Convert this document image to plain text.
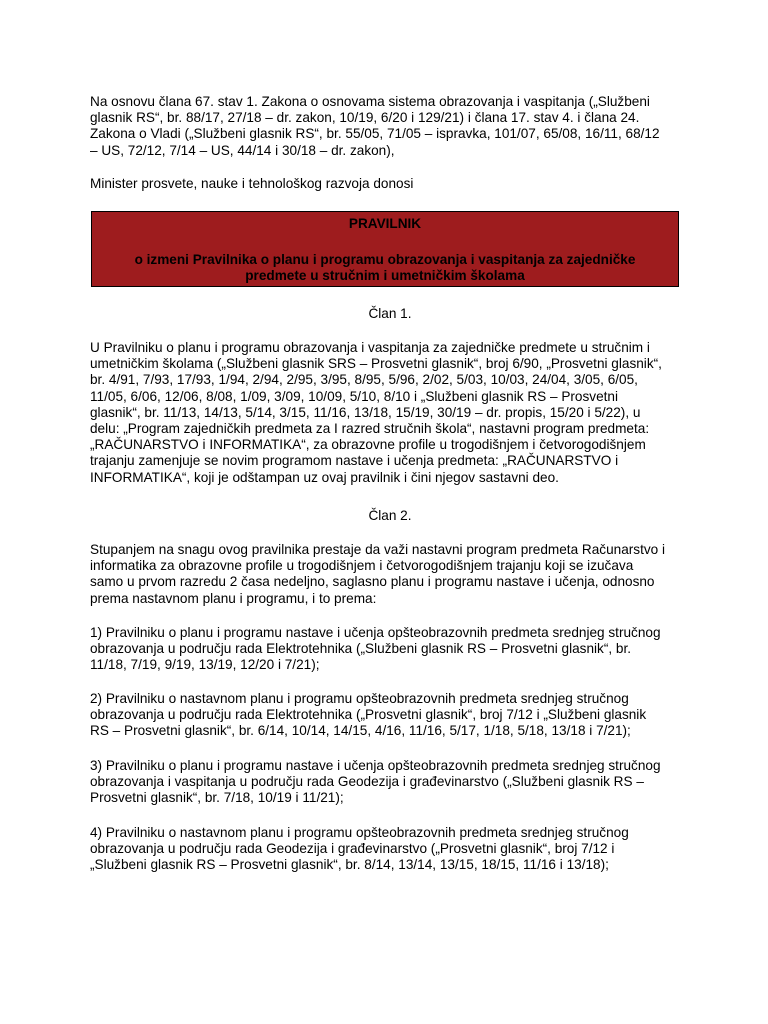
Na osnovu člana 67. stav 1. Zakona o osnovama sistema obrazovanja i vaspitanja („Službeni
glasnik RS“, br. 88/17, 27/18 – dr. zakon, 10/19, 6/20 i 129/21) i člana 17. stav 4. i člana 24.
Zakona o Vladi („Službeni glasnik RS“, br. 55/05, 71/05 – ispravka, 101/07, 65/08, 16/11, 68/12
– US, 72/12, 7/14 – US, 44/14 i 30/18 – dr. zakon),
Minister prosvete, nauke i tehnološkog razvoja donosi
PRAVILNIK
o izmeni Pravilnika o planu i programu obrazovanja i vaspitanja za zajedničke
predmete u stručnim i umetničkim školama
Član 1.
U Pravilniku o planu i programu obrazovanja i vaspitanja za zajedničke predmete u stručnim i
umetničkim školama („Službeni glasnik SRS – Prosvetni glasnik“, broj 6/90, „Prosvetni glasnik“,
br. 4/91, 7/93, 17/93, 1/94, 2/94, 2/95, 3/95, 8/95, 5/96, 2/02, 5/03, 10/03, 24/04, 3/05, 6/05,
11/05, 6/06, 12/06, 8/08, 1/09, 3/09, 10/09, 5/10, 8/10 i „Službeni glasnik RS – Prosvetni
glasnik“, br. 11/13, 14/13, 5/14, 3/15, 11/16, 13/18, 15/19, 30/19 – dr. propis, 15/20 i 5/22), u
delu: „Program zajedničkih predmeta za I razred stručnih škola“, nastavni program predmeta:
„RAČUNARSTVO i INFORMATIKA“, za obrazovne profile u trogodišnjem i četvorogodišnjem
trajanju zamenjuje se novim programom nastave i učenja predmeta: „RAČUNARSTVO i
INFORMATIKA“, koji je odštampan uz ovaj pravilnik i čini njegov sastavni deo.
Član 2.
Stupanjem na snagu ovog pravilnika prestaje da važi nastavni program predmeta Računarstvo i
informatika za obrazovne profile u trogodišnjem i četvorogodišnjem trajanju koji se izučava
samo u prvom razredu 2 časa nedeljno, saglasno planu i programu nastave i učenja, odnosno
prema nastavnom planu i programu, i to prema:
1) Pravilniku o planu i programu nastave i učenja opšteobrazovnih predmeta srednjeg stručnog
obrazovanja u području rada Elektrotehnika („Službeni glasnik RS – Prosvetni glasnik“, br.
11/18, 7/19, 9/19, 13/19, 12/20 i 7/21);
2) Pravilniku o nastavnom planu i programu opšteobrazovnih predmeta srednjeg stručnog
obrazovanja u području rada Elektrotehnika („Prosvetni glasnik“, broj 7/12 i „Službeni glasnik
RS – Prosvetni glasnik“, br. 6/14, 10/14, 14/15, 4/16, 11/16, 5/17, 1/18, 5/18, 13/18 i 7/21);
3) Pravilniku o planu i programu nastave i učenja opšteobrazovnih predmeta srednjeg stručnog
obrazovanja i vaspitanja u području rada Geodezija i građevinarstvo („Službeni glasnik RS –
Prosvetni glasnik“, br. 7/18, 10/19 i 11/21);
4) Pravilniku o nastavnom planu i programu opšteobrazovnih predmeta srednjeg stručnog
obrazovanja u području rada Geodezija i građevinarstvo („Prosvetni glasnik“, broj 7/12 i
„Službeni glasnik RS – Prosvetni glasnik“, br. 8/14, 13/14, 13/15, 18/15, 11/16 i 13/18);
